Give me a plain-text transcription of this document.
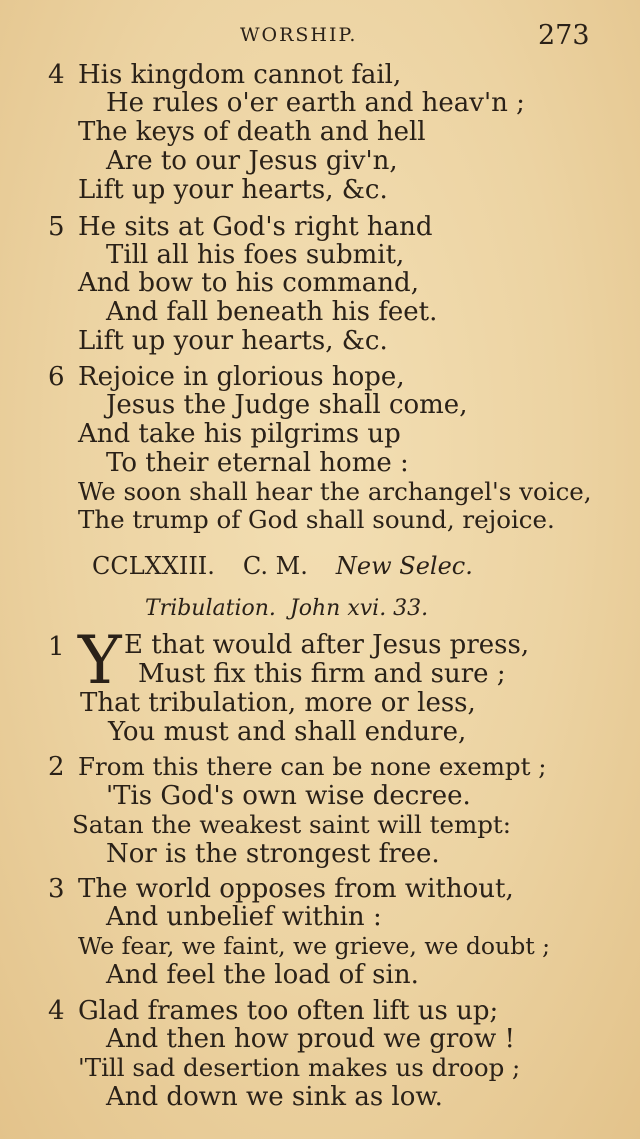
WORSHIP.	273
4 His kingdom cannot fail,
He rules o'er earth and heav'n ;
The keys of death and hell
Are to our Jesus giv'n,
Lift up your hearts, &c.
5 He sits at God's right hand
Till all his foes submit,
And bow to his command,
And fall beneath his feet.
Lift up your hearts, &c.
6 Rejoice in glorious hope,
Jesus the Judge shall come,
And take his pilgrims up
To their eternal home :
We soon shall hear the archangel's voice,
The trump of God shall sound, rejoice.
CCLXXIII. C. M. New Selec.
Tribulation. John xvi. 33.
1 Y E that would after Jesus press,
Must fix this firm and sure ;
That tribulation, more or less,
You must and shall endure,
2 From this there can be none exempt ;
'Tis God's own wise decree.
Satan the weakest saint will tempt:
Nor is the strongest free.
3 The world opposes from without,
And unbelief within :
We fear, we faint, we grieve, we doubt ;
And feel the load of sin.
4 Glad frames too often lift us up;
And then how proud we grow !
'Till sad desertion makes us droop ;
And down we sink as low.
